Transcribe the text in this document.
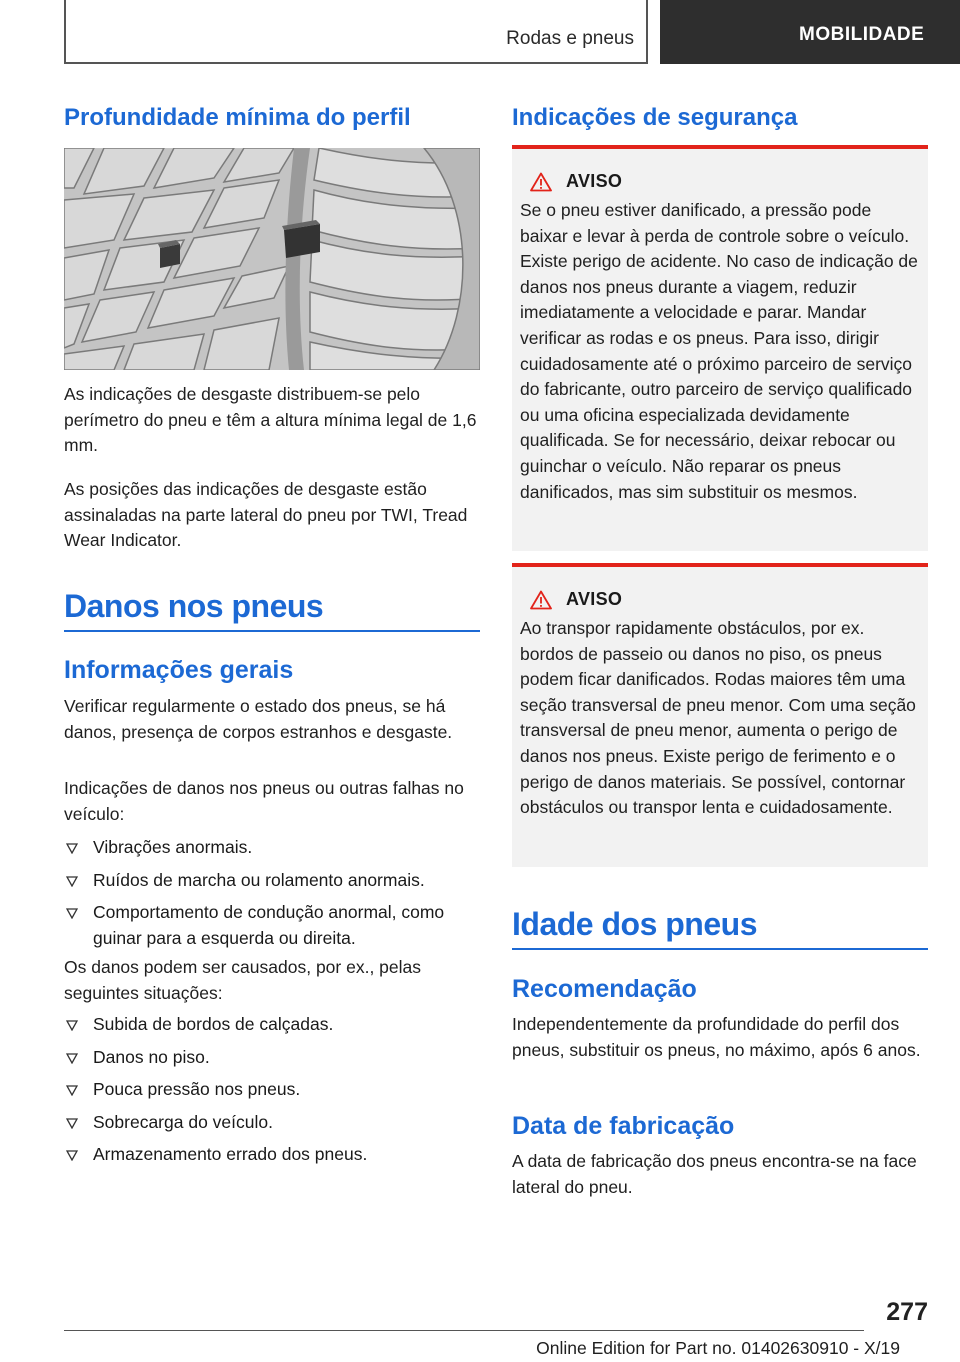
Rodas e pneus	MOBILIDADE
Profundidade mínima do perfil
As indicações de desgaste distribuem-se pelo perímetro do pneu e têm a altura mínima legal de 1,6 mm.
As posições das indicações de desgaste estão assinaladas na parte lateral do pneu por TWI, Tread Wear Indicator.
Danos nos pneus
Informações gerais
Verificar regularmente o estado dos pneus, se há danos, presença de corpos estranhos e desgaste.
Indicações de danos nos pneus ou outras falhas no veículo:
Vibrações anormais.
Ruídos de marcha ou rolamento anormais.
Comportamento de condução anormal, como guinar para a esquerda ou direita.
Os danos podem ser causados, por ex., pelas seguintes situações:
Subida de bordos de calçadas.
Danos no piso.
Pouca pressão nos pneus.
Sobrecarga do veículo.
Armazenamento errado dos pneus.
Indicações de segurança
AVISO
Se o pneu estiver danificado, a pressão pode baixar e levar à perda de controle sobre o veículo. Existe perigo de acidente. No caso de indicação de danos nos pneus durante a viagem, reduzir imediatamente a velocidade e parar. Mandar verificar as rodas e os pneus. Para isso, dirigir cuidadosamente até o próximo parceiro de serviço do fabricante, outro parceiro de serviço qualificado ou uma oficina especializada devidamente qualificada. Se for necessário, deixar rebocar ou guinchar o veículo. Não reparar os pneus danificados, mas sim substituir os mesmos.
AVISO
Ao transpor rapidamente obstáculos, por ex. bordos de passeio ou danos no piso, os pneus podem ficar danificados. Rodas maiores têm uma seção transversal de pneu menor. Com uma seção transversal de pneu menor, aumenta o perigo de danos nos pneus. Existe perigo de ferimento e o perigo de danos materiais. Se possível, contornar obstáculos ou transpor lenta e cuidadosamente.
Idade dos pneus
Recomendação
Independentemente da profundidade do perfil dos pneus, substituir os pneus, no máximo, após 6 anos.
Data de fabricação
A data de fabricação dos pneus encontra-se na face lateral do pneu.
277
Online Edition for Part no. 01402630910 - X/19
